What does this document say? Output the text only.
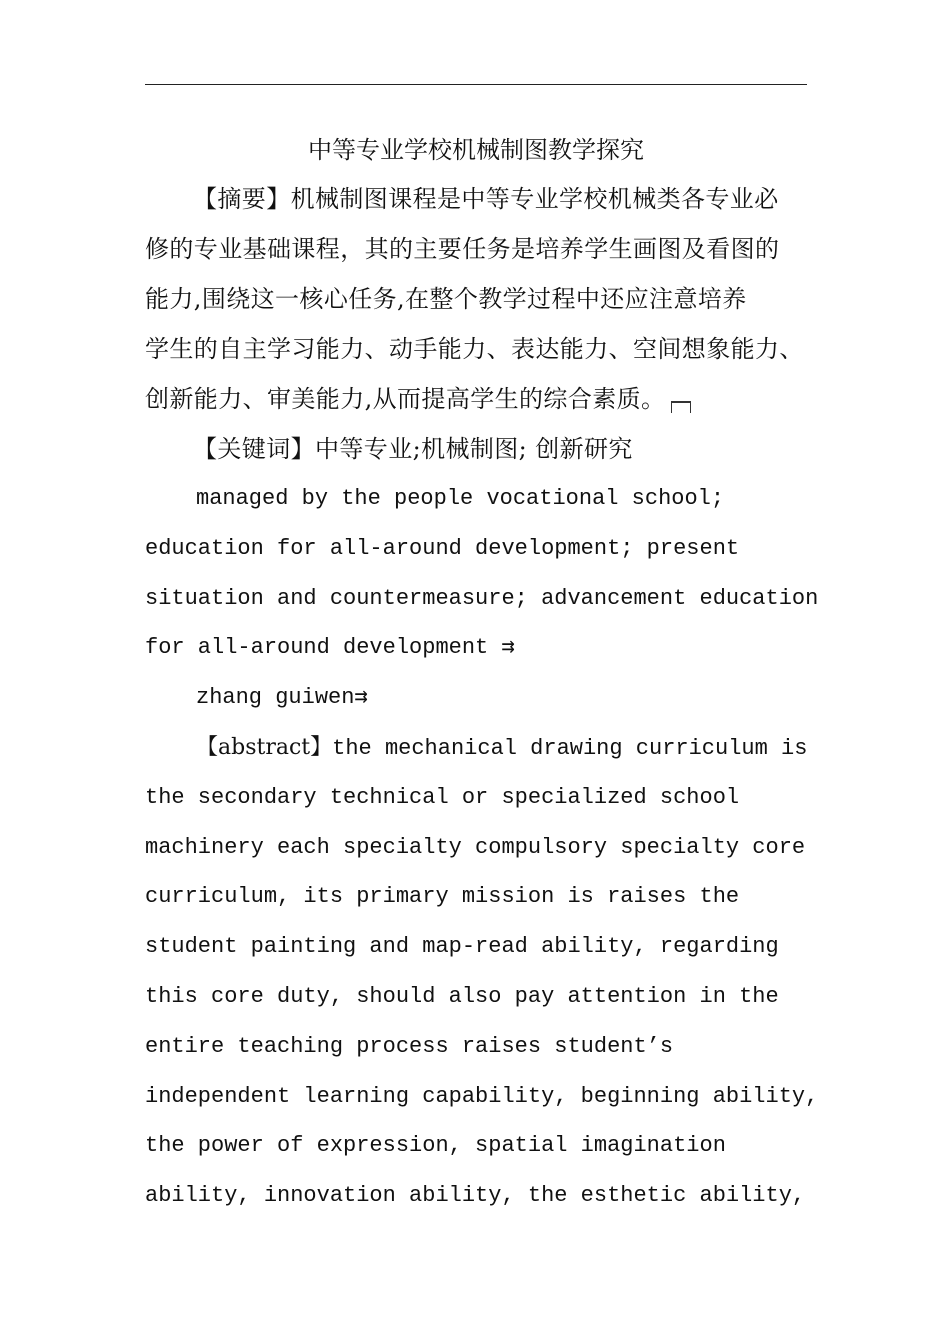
中等专业学校机械制图教学探究
【摘要】机械制图课程是中等专业学校机械类各专业必
修的专业基础课程，其的主要任务是培养学生画图及看图的
能力,围绕这一核心任务,在整个教学过程中还应注意培养
学生的自主学习能力、动手能力、表达能力、空间想象能力、
创新能力、审美能力,从而提高学生的综合素质。
【关键词】中等专业;机械制图; 创新研究
managed by the people vocational school;
education for all-around development; present
situation and countermeasure; advancement education
for all-around development ⇉
zhang guiwen⇉
【abstract】the mechanical drawing curriculum is
the secondary technical or specialized school
machinery each specialty compulsory specialty core
curriculum, its primary mission is raises the
student painting and map-read ability, regarding
this core duty, should also pay attention in the
entire teaching process raises student’s
independent learning capability, beginning ability,
the power of expression, spatial imagination
ability, innovation ability, the esthetic ability,
